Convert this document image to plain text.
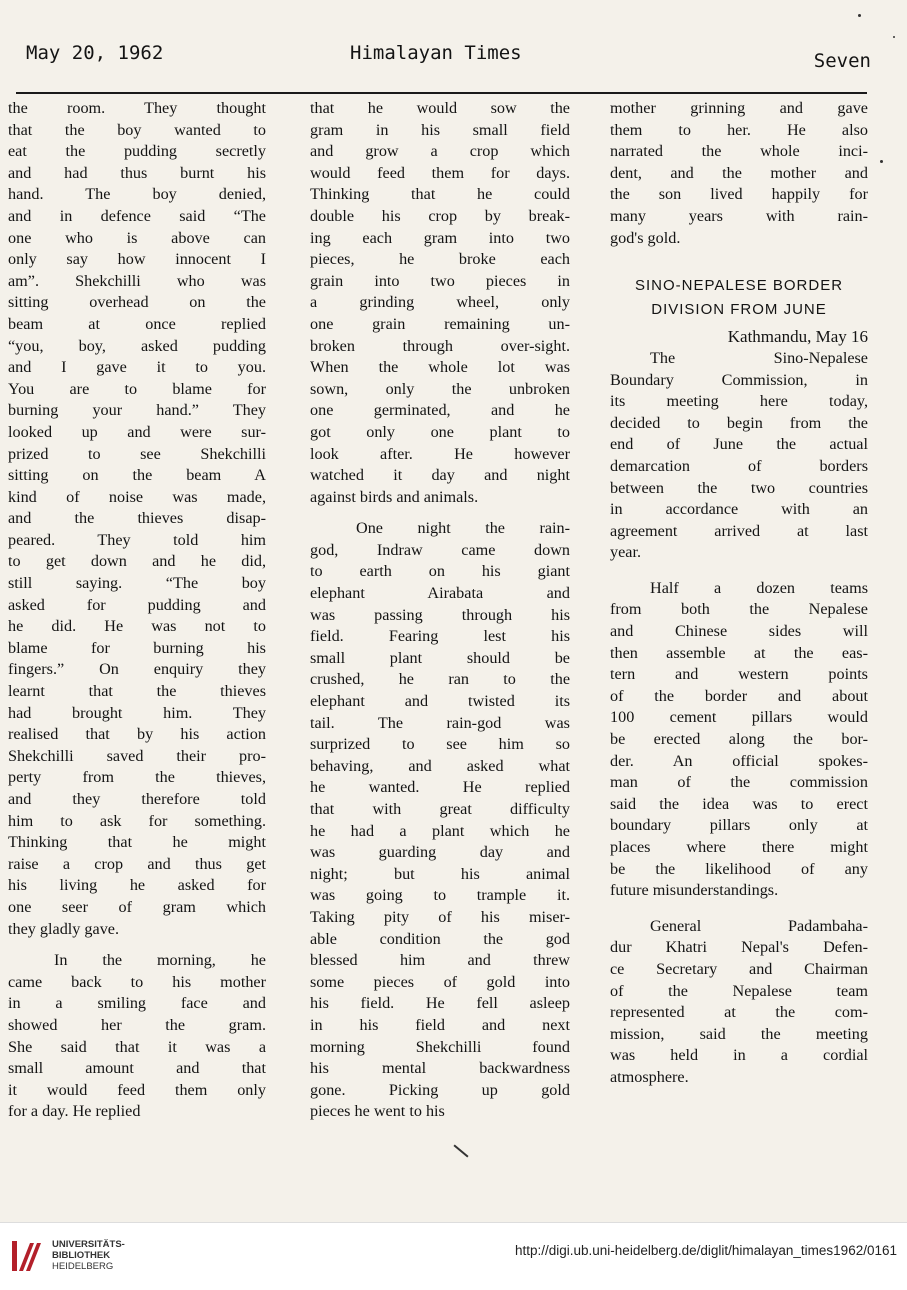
May 20, 1962	Himalayan Times	Seven
the room. They thought
that the boy wanted to
eat the pudding secretly
and had thus burnt his
hand. The boy denied,
and in defence said “The
one who is above can
only say how innocent I
am”. Shekchilli who was
sitting overhead on the
beam at once replied
“you, boy, asked pudding
and I gave it to you.
You are to blame for
burning your hand.” They
looked up and were sur-
prized to see Shekchilli
sitting on the beam A
kind of noise was made,
and the thieves disap-
peared. They told him
to get down and he did,
still saying. “The boy
asked for pudding and
he did. He was not to
blame for burning his
fingers.” On enquiry they
learnt that the thieves
had brought him. They
realised that by his action
Shekchilli saved their pro-
perty from the thieves,
and they therefore told
him to ask for something.
Thinking that he might
raise a crop and thus get
his living he asked for
one seer of gram which
they gladly gave.
In the morning, he
came back to his mother
in a smiling face and
showed her the gram.
She said that it was a
small amount and that
it would feed them only
for a day. He replied
that he would sow the
gram in his small field
and grow a crop which
would feed them for days.
Thinking that he could
double his crop by break-
ing each gram into two
pieces, he broke each
grain into two pieces in
a grinding wheel, only
one grain remaining un-
broken through over-sight.
When the whole lot was
sown, only the unbroken
one germinated, and he
got only one plant to
look after. He however
watched it day and night
against birds and animals.
One night the rain-
god, Indraw came down
to earth on his giant
elephant Airabata and
was passing through his
field. Fearing lest his
small plant should be
crushed, he ran to the
elephant and twisted its
tail. The rain-god was
surprized to see him so
behaving, and asked what
he wanted. He replied
that with great difficulty
he had a plant which he
was guarding day and
night; but his animal
was going to trample it.
Taking pity of his miser-
able condition the god
blessed him and threw
some pieces of gold into
his field. He fell asleep
in his field and next
morning Shekchilli found
his mental backwardness
gone. Picking up gold
pieces he went to his
mother grinning and gave
them to her. He also
narrated the whole inci-
dent, and the mother and
the son lived happily for
many years with rain-
god's gold.
SINO-NEPALESE BORDER
DIVISION FROM JUNE
Kathmandu, May 16
The Sino-Nepalese
Boundary Commission, in
its meeting here today,
decided to begin from the
end of June the actual
demarcation of borders
between the two countries
in accordance with an
agreement arrived at last
year.
Half a dozen teams
from both the Nepalese
and Chinese sides will
then assemble at the eas-
tern and western points
of the border and about
100 cement pillars would
be erected along the bor-
der. An official spokes-
man of the commission
said the idea was to erect
boundary pillars only at
places where there might
be the likelihood of any
future misunderstandings.
General Padambaha-
dur Khatri Nepal's Defen-
ce Secretary and Chairman
of the Nepalese team
represented at the com-
mission, said the meeting
was held in a cordial
atmosphere.
UNIVERSITÄTS-
BIBLIOTHEK
HEIDELBERG
http://digi.ub.uni-heidelberg.de/diglit/himalayan_times1962/0161
